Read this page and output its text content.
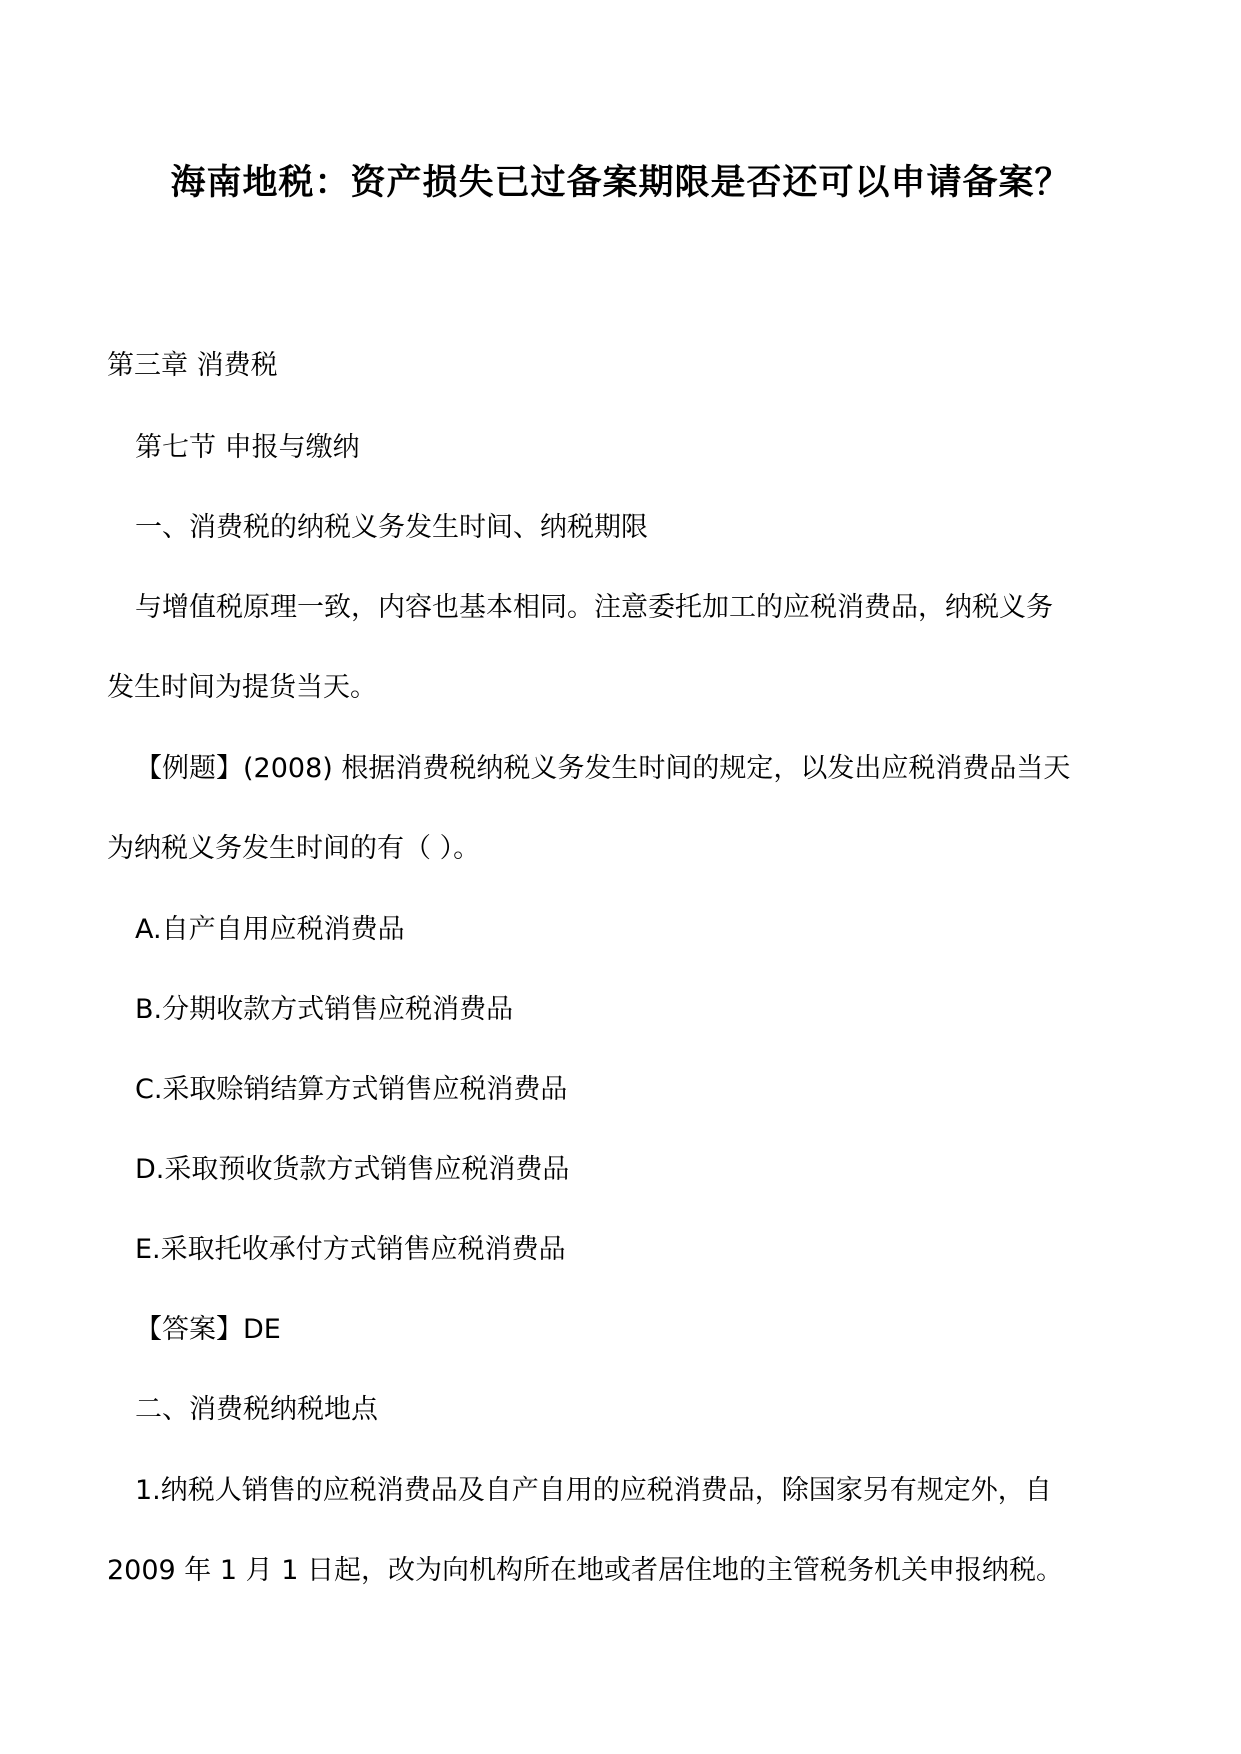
海南地税：资产损失已过备案期限是否还可以申请备案？
第三章 消费税
第七节 申报与缴纳
一、消费税的纳税义务发生时间、纳税期限
与增值税原理一致，内容也基本相同。注意委托加工的应税消费品，纳税义务
发生时间为提货当天。
【例题】(2008) 根据消费税纳税义务发生时间的规定，以发出应税消费品当天
为纳税义务发生时间的有（ ）。
A.自产自用应税消费品
B.分期收款方式销售应税消费品
C.采取赊销结算方式销售应税消费品
D.采取预收货款方式销售应税消费品
E.采取托收承付方式销售应税消费品
【答案】DE
二、消费税纳税地点
1.纳税人销售的应税消费品及自产自用的应税消费品，除国家另有规定外，自
2009 年 1 月 1 日起，改为向机构所在地或者居住地的主管税务机关申报纳税。
